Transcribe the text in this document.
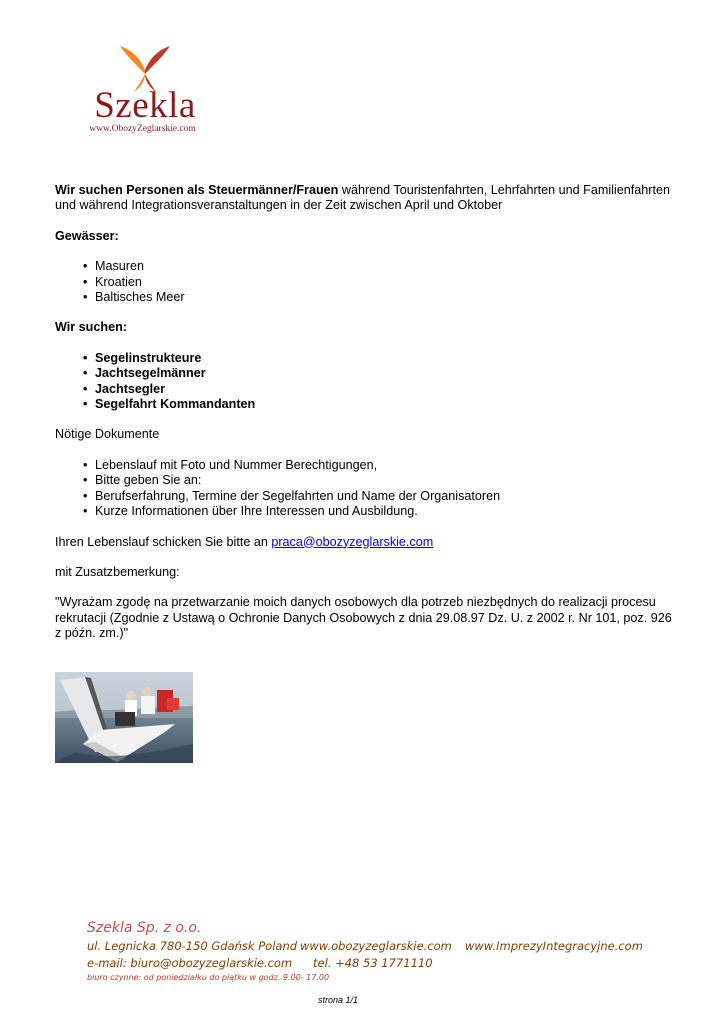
Szekla
www.ObozyZeglarskie.com

Wir suchen Personen als Steuermänner/Frauen während Touristenfahrten, Lehrfahrten und Familienfahrten und während Integrationsveranstaltungen in der Zeit zwischen April und Oktober

Gewässer:

• Masuren
• Kroatien
• Baltisches Meer

Wir suchen:

• Segelinstrukteure
• Jachtsegelmänner
• Jachtsegler
• Segelfahrt Kommandanten

Nötige Dokumente

• Lebenslauf mit Foto und Nummer Berechtigungen,
• Bitte geben Sie an:
• Berufserfahrung, Termine der Segelfahrten und Name der Organisatoren
• Kurze Informationen über Ihre Interessen und Ausbildung.

Ihren Lebenslauf schicken Sie bitte an praca@obozyzeglarskie.com

mit Zusatzbemerkung:

"Wyrażam zgodę na przetwarzanie moich danych osobowych dla potrzeb niezbędnych do realizacji procesu rekrutacji (Zgodnie z Ustawą o Ochronie Danych Osobowych z dnia 29.08.97 Dz. U. z 2002 r. Nr 101, poz. 926 z późn. zm.)"

Szekla Sp. z o.o.
ul. Legnicka 780-150 Gdańsk Poland www.obozyzeglarskie.com www.ImprezyIntegracyjne.com
e-mail: biuro@obozyzeglarskie.com tel. +48 53 1771110
biuro czynne: od poniedziałku do piątku w godz. 9.00- 17.00
strona 1/1
